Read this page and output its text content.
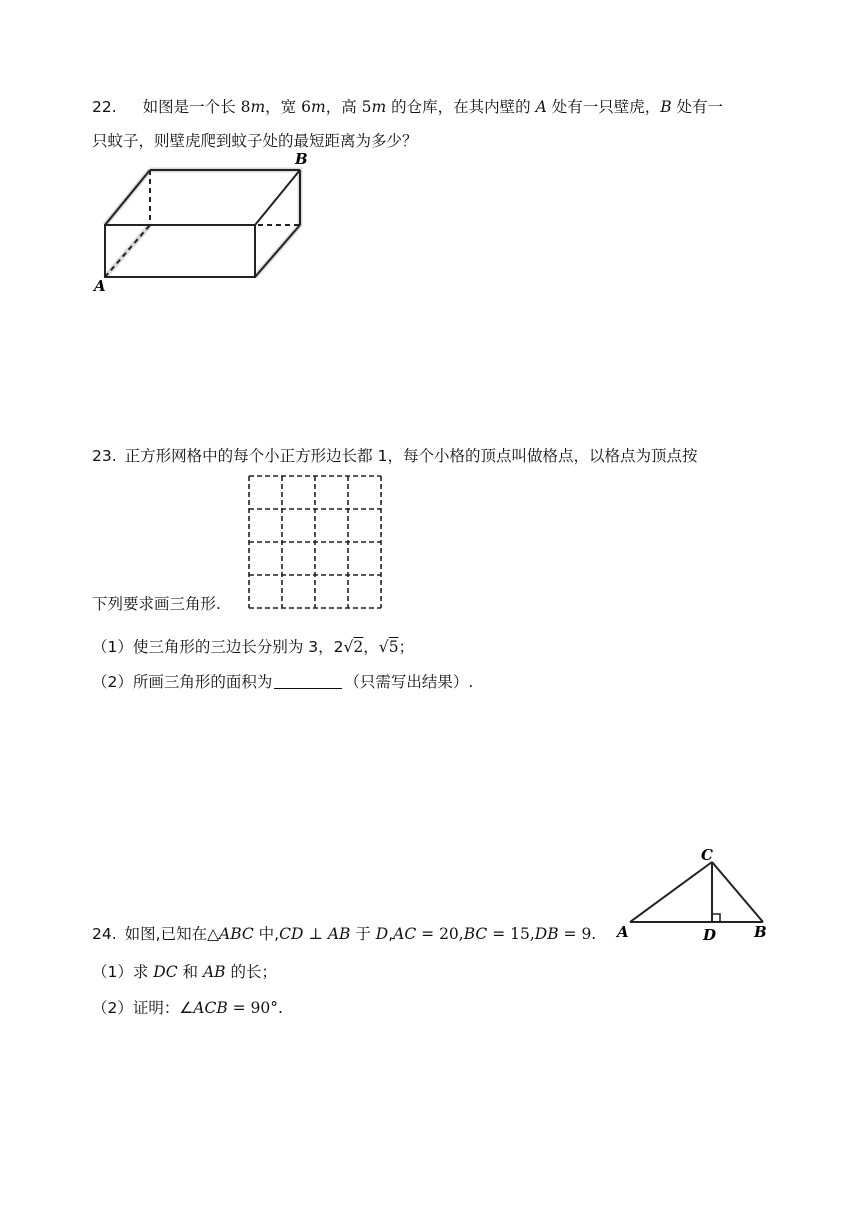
22. 如图是一个长 8m，宽 6m，高 5m 的仓库，在其内壁的 A 处有一只壁虎，B 处有一
只蚊子，则壁虎爬到蚊子处的最短距离为多少？
A
B
23. 正方形网格中的每个小正方形边长都 1，每个小格的顶点叫做格点，以格点为顶点按
下列要求画三角形.
（1）使三角形的三边长分别为 3，2√2，√5；
（2）所画三角形的面积为	（只需写出结果）.
A	B
C
D
24. 如图,已知在△ABC 中,CD ⊥ AB 于 D,AC = 20,BC = 15,DB = 9.
（1）求 DC 和 AB 的长；
（2）证明：∠ACB = 90°.
